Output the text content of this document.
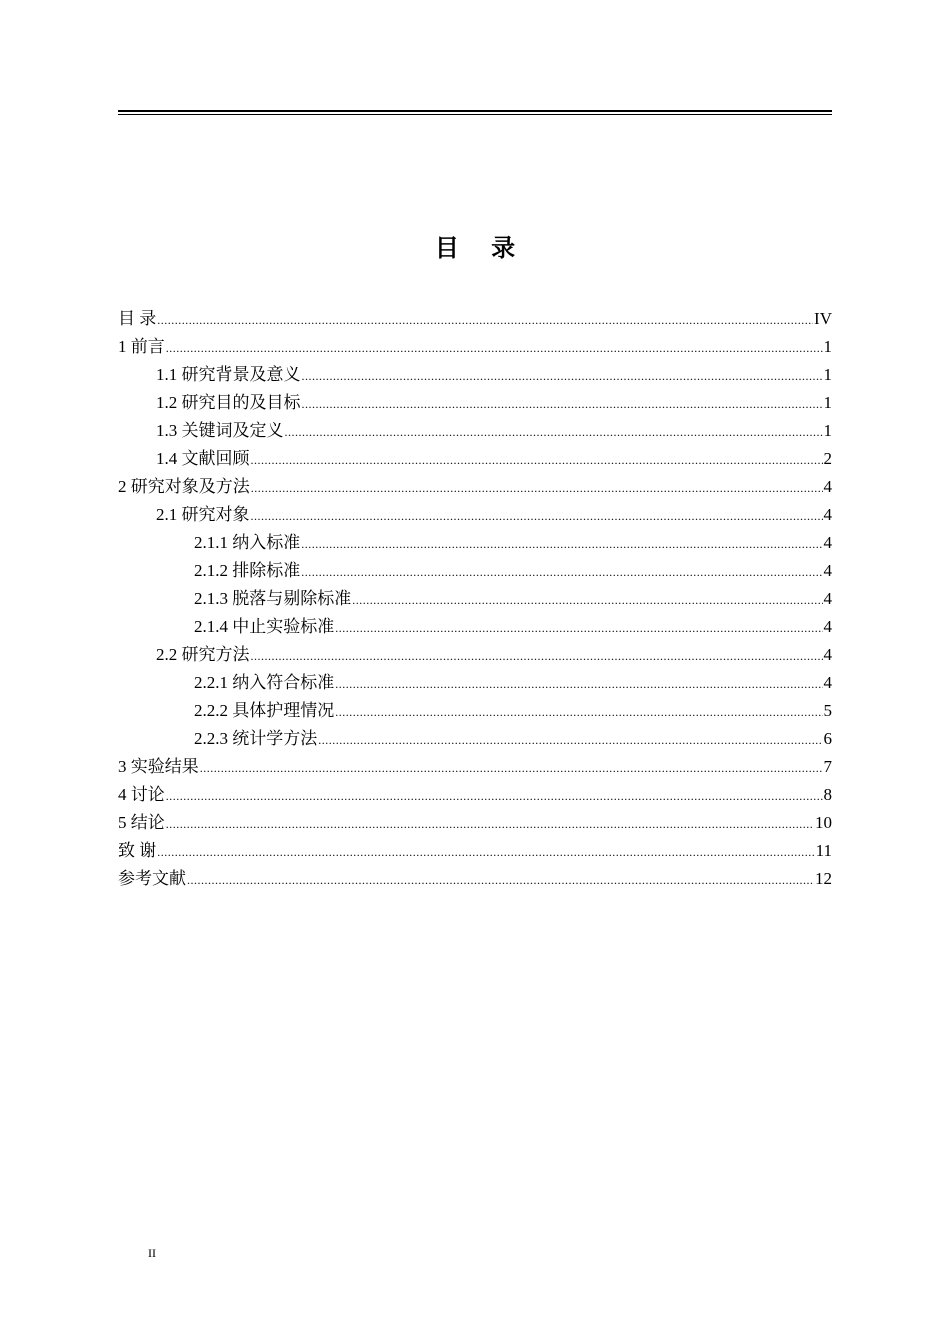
目 录
目 录 .....	IV
1 前言 .....	1
1.1 研究背景及意义 .....	1
1.2 研究目的及目标 .....	1
1.3 关键词及定义 .....	1
1.4 文献回顾 .....	2
2 研究对象及方法 .....	4
2.1 研究对象 .....	4
2.1.1 纳入标准 .....	4
2.1.2 排除标准 .....	4
2.1.3 脱落与剔除标准 .....	4
2.1.4 中止实验标准 .....	4
2.2 研究方法 .....	4
2.2.1 纳入符合标准 .....	4
2.2.2 具体护理情况 .....	5
2.2.3 统计学方法 .....	6
3 实验结果 .....	7
4 讨论 .....	8
5 结论 .....	10
致 谢 .....	11
参考文献 .....	12
II
